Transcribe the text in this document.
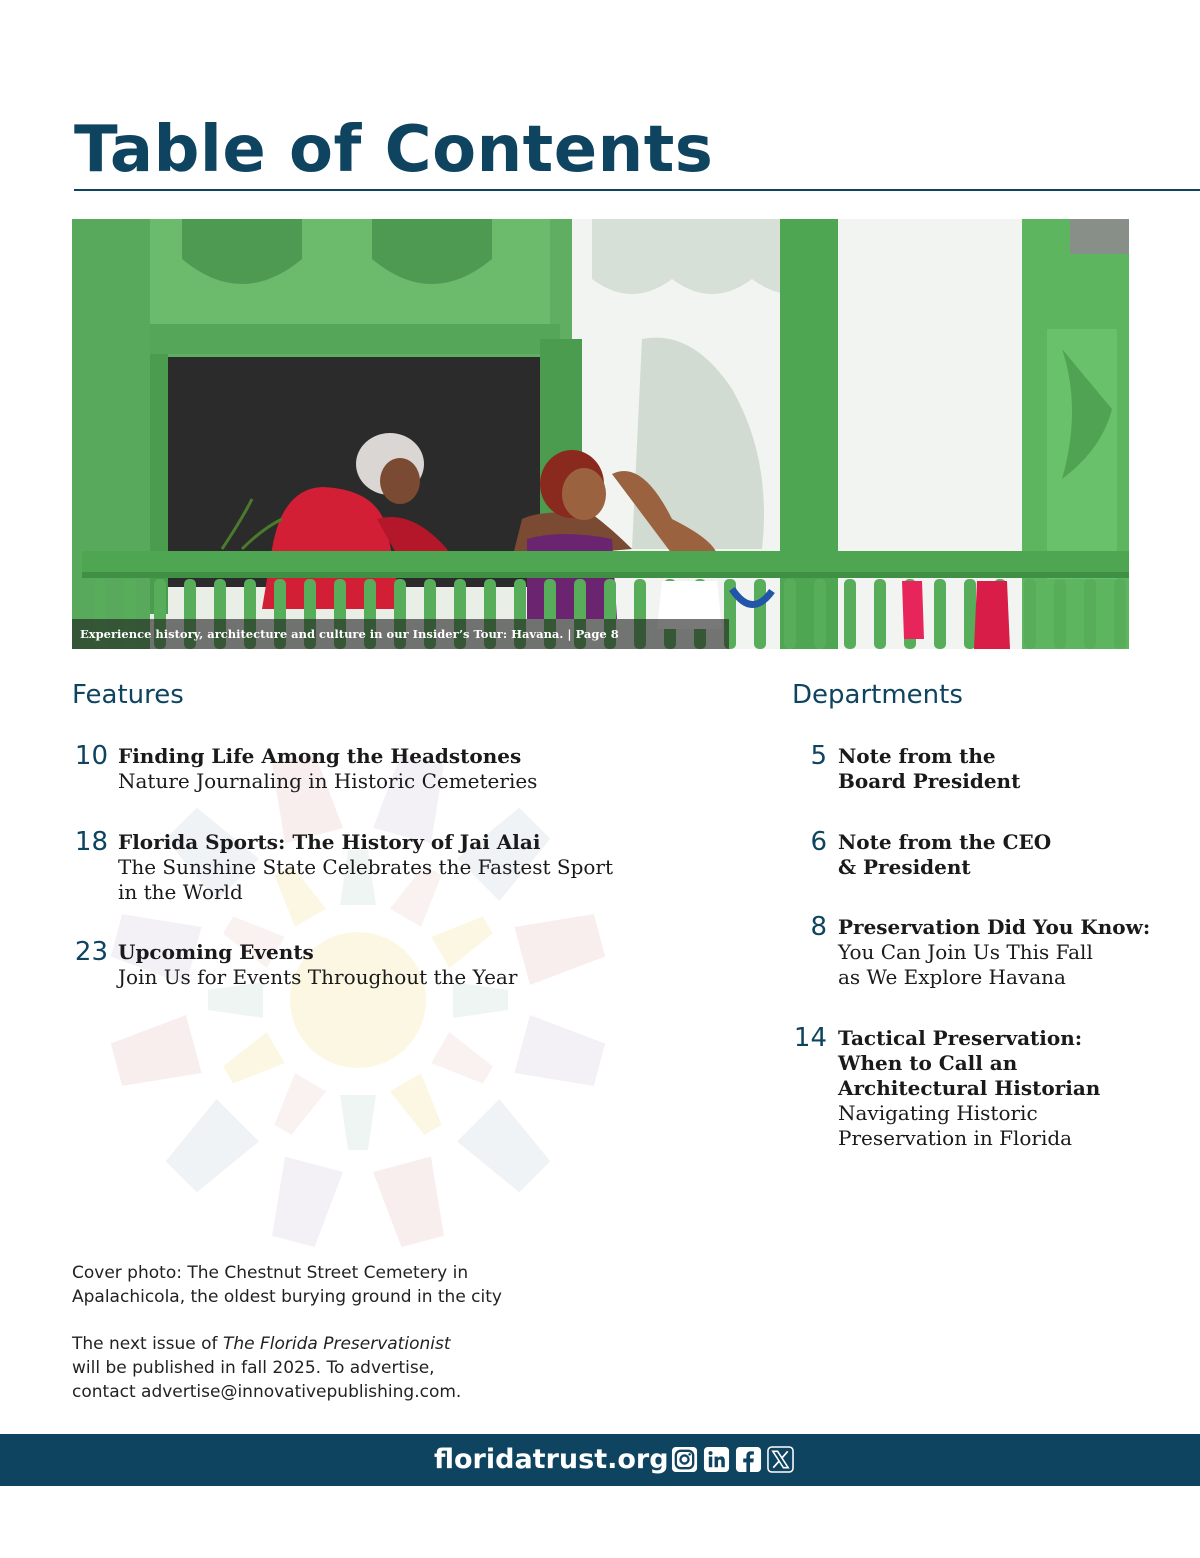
Table of Contents
Experience history, architecture and culture in our Insider’s Tour: Havana. | Page 8
Features	Departments
10 Finding Life Among the Headstones
Nature Journaling in Historic Cemeteries
18 Florida Sports: The History of Jai Alai
The Sunshine State Celebrates the Fastest Sport
in the World
23 Upcoming Events
Join Us for Events Throughout the Year
5 Note from the
Board President
6 Note from the CEO
& President
8 Preservation Did You Know:
You Can Join Us This Fall
as We Explore Havana
14 Tactical Preservation:
When to Call an
Architectural Historian
Navigating Historic
Preservation in Florida
Cover photo: The Chestnut Street Cemetery in
Apalachicola, the oldest burying ground in the city
The next issue of The Florida Preservationist
will be published in fall 2025. To advertise,
contact advertise@innovativepublishing.com.
floridatrust.org
